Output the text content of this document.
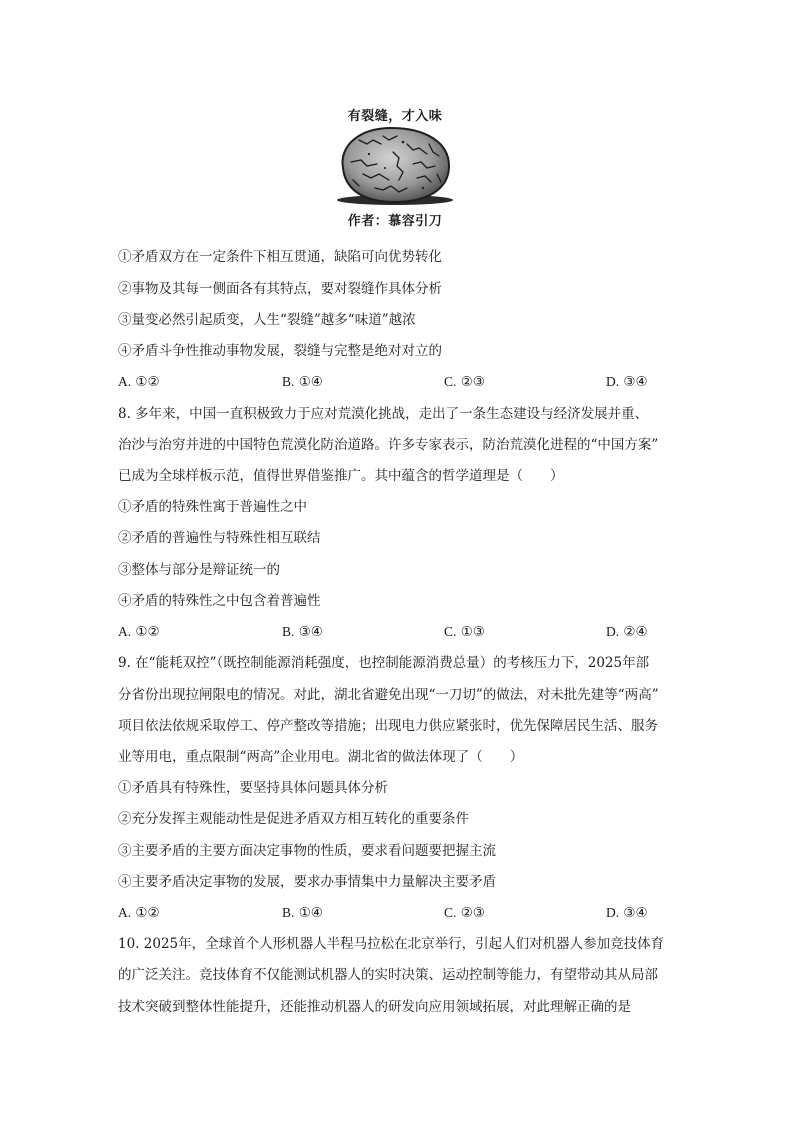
有裂缝，才入味
作者：慕容引刀
①矛盾双方在一定条件下相互贯通，缺陷可向优势转化
②事物及其每一侧面各有其特点，要对裂缝作具体分析
③量变必然引起质变，人生“裂缝”越多“味道”越浓
④矛盾斗争性推动事物发展，裂缝与完整是绝对对立的
A. ①②	B. ①④	C. ②③	D. ③④
8. 多年来，中国一直积极致力于应对荒漠化挑战，走出了一条生态建设与经济发展并重、
治沙与治穷并进的中国特色荒漠化防治道路。许多专家表示，防治荒漠化进程的“中国方案”
已成为全球样板示范，值得世界借鉴推广。其中蕴含的哲学道理是（　　）
①矛盾的特殊性寓于普遍性之中
②矛盾的普遍性与特殊性相互联结
③整体与部分是辩证统一的
④矛盾的特殊性之中包含着普遍性
A. ①②	B. ③④	C. ①③	D. ②④
9. 在“能耗双控”（既控制能源消耗强度，也控制能源消费总量）的考核压力下，2025年部
分省份出现拉闸限电的情况。对此，湖北省避免出现“一刀切”的做法，对未批先建等“两高”
项目依法依规采取停工、停产整改等措施；出现电力供应紧张时，优先保障居民生活、服务
业等用电，重点限制“两高”企业用电。湖北省的做法体现了（　　）
①矛盾具有特殊性，要坚持具体问题具体分析
②充分发挥主观能动性是促进矛盾双方相互转化的重要条件
③主要矛盾的主要方面决定事物的性质，要求看问题要把握主流
④主要矛盾决定事物的发展，要求办事情集中力量解决主要矛盾
A. ①②	B. ①④	C. ②③	D. ③④
10. 2025年，全球首个人形机器人半程马拉松在北京举行，引起人们对机器人参加竞技体育
的广泛关注。竞技体育不仅能测试机器人的实时决策、运动控制等能力，有望带动其从局部
技术突破到整体性能提升，还能推动机器人的研发向应用领域拓展，对此理解正确的是
